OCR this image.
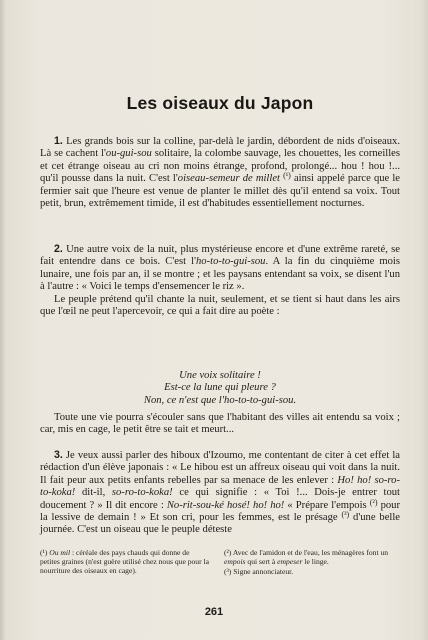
Les oiseaux du Japon

1. Les grands bois sur la colline, par-delà le jardin, débordent de nids d'oiseaux. Là se cachent l'ou-gui-sou solitaire, la colombe sauvage, les chouettes, les corneilles et cet étrange oiseau au cri non moins étrange, profond, prolongé... hou ! hou !... qu'il pousse dans la nuit. C'est l'oiseau-semeur de millet $^{(^1)}$ ainsi appelé parce que le fermier sait que l'heure est venue de planter le millet dès qu'il entend sa voix. Tout petit, brun, extrêmement timide, il est d'habitudes essentiellement nocturnes.

2. Une autre voix de la nuit, plus mystérieuse encore et d'une extrême rareté, se fait entendre dans ce bois. C'est l'ho-to-to-gui-sou. A la fin du cinquième mois lunaire, une fois par an, il se montre ; et les paysans entendant sa voix, se disent l'un à l'autre : « Voici le temps d'ensemencer le riz ».
Le peuple prétend qu'il chante la nuit, seulement, et se tient si haut dans les airs que l'œil ne peut l'apercevoir, ce qui a fait dire au poète :

Une voix solitaire !
Est-ce la lune qui pleure ?
Non, ce n'est que l'ho-to-to-gui-sou.

Toute une vie pourra s'écouler sans que l'habitant des villes ait entendu sa voix ; car, mis en cage, le petit être se tait et meurt...

3. Je veux aussi parler des hiboux d'Izoumo, me contentant de citer à cet effet la rédaction d'un élève japonais : « Le hibou est un affreux oiseau qui voit dans la nuit. Il fait peur aux petits enfants rebelles par sa menace de les enlever : Ho! ho! so-ro-to-koka! dit-il, so-ro-to-koka! ce qui signifie : « Toi !... Dois-je entrer tout doucement ? » Il dit encore : No-rit-sou-ké hosé! ho! ho! « Prépare l'empois $^{(^2)}$ pour la lessive de demain ! » Et son cri, pour les femmes, est le présage $^{(^3)}$ d'une belle journée. C'est un oiseau que le peuple déteste

(¹) Ou mil : céréale des pays chauds qui donne de petites graines (n'est guère utilisé chez nous que pour la nourriture des oiseaux en cage).
(²) Avec de l'amidon et de l'eau, les ménagères font un empois qui sert à empeser le linge.
(³) Signe annonciateur.
261
